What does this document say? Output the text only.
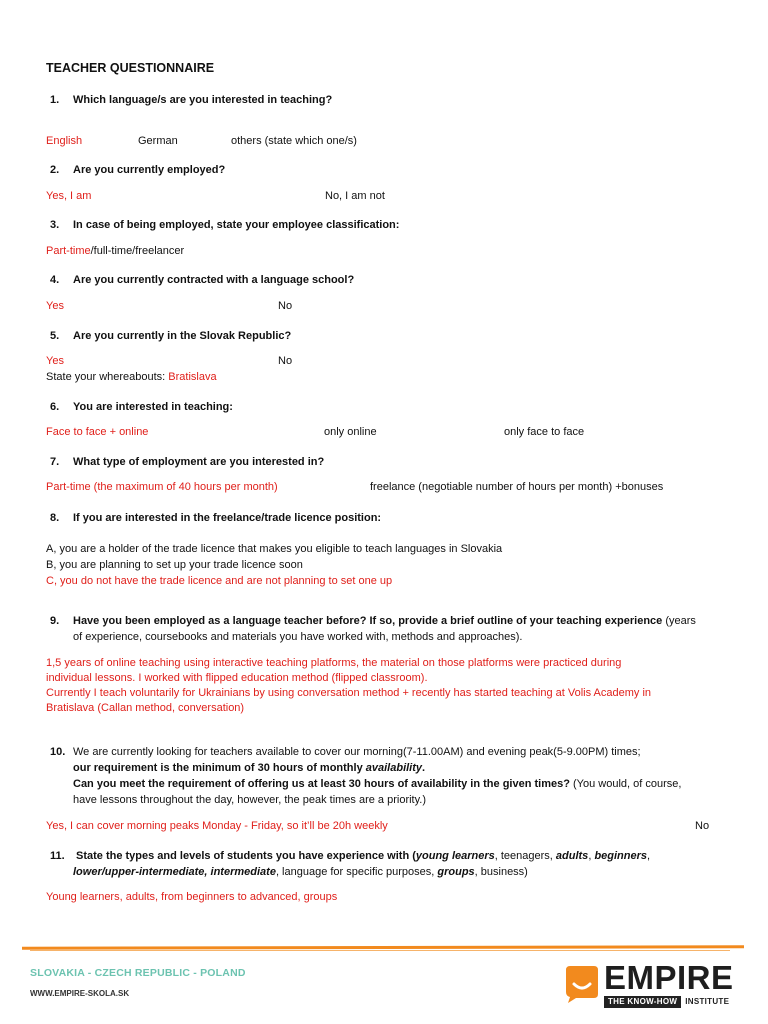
TEACHER QUESTIONNAIRE
1. Which language/s are you interested in teaching?
English	German	others (state which one/s)
2. Are you currently employed?
Yes, I am	No, I am not
3. In case of being employed, state your employee classification:
Part-time/full-time/freelancer
4. Are you currently contracted with a language school?
Yes	No
5. Are you currently in the Slovak Republic?
Yes	No
State your whereabouts: Bratislava
6. You are interested in teaching:
Face to face + online	only online	only face to face
7. What type of employment are you interested in?
Part-time (the maximum of 40 hours per month)	freelance (negotiable number of hours per month) +bonuses
8. If you are interested in the freelance/trade licence position:
A, you are a holder of the trade licence that makes you eligible to teach languages in Slovakia
B, you are planning to set up your trade licence soon
C, you do not have the trade licence and are not planning to set one up
9. Have you been employed as a language teacher before? If so, provide a brief outline of your teaching experience (years
of experience, coursebooks and materials you have worked with, methods and approaches).
1,5 years of online teaching using interactive teaching platforms, the material on those platforms were practiced during
individual lessons. I worked with flipped education method (flipped classroom).
Currently I teach voluntarily for Ukrainians by using conversation method + recently has started teaching at Volis Academy in
Bratislava (Callan method, conversation)
10. We are currently looking for teachers available to cover our morning(7-11.00AM) and evening peak(5-9.00PM) times;
our requirement is the minimum of 30 hours of monthly availability.
Can you meet the requirement of offering us at least 30 hours of availability in the given times? (You would, of course,
have lessons throughout the day, however, the peak times are a priority.)
Yes, I can cover morning peaks Monday - Friday, so it’ll be 20h weekly	No
11. State the types and levels of students you have experience with (young learners, teenagers, adults, beginners,
lower/upper-intermediate, intermediate, language for specific purposes, groups, business)
Young learners, adults, from beginners to advanced, groups
SLOVAKIA - CZECH REPUBLIC - POLAND
WWW.EMPIRE-SKOLA.SK	EMPIRE
THE KNOW-HOW	INSTITUTE
